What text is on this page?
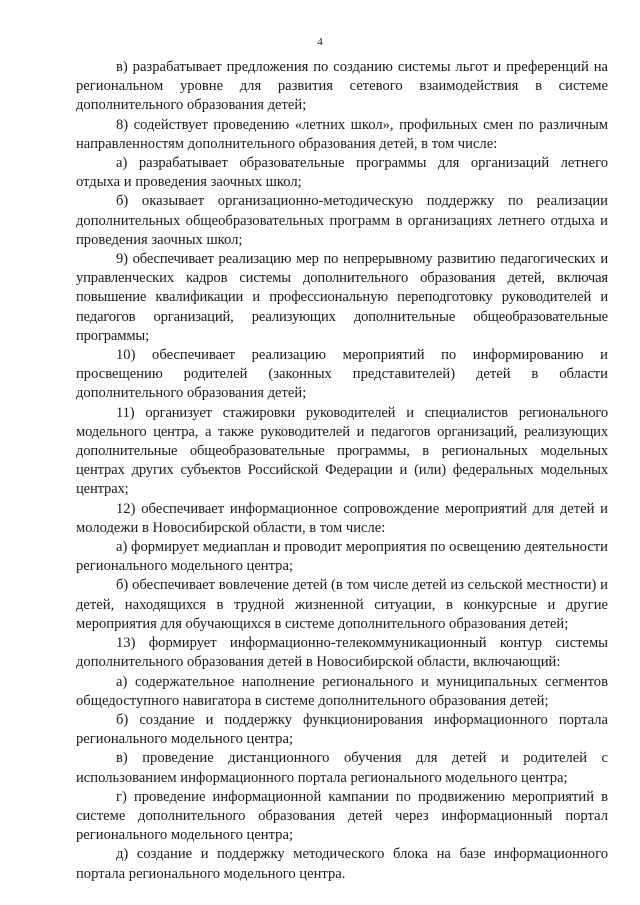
4

в) разрабатывает предложения по созданию системы льгот и преференций на региональном уровне для развития сетевого взаимодействия в системе дополнительного образования детей;

8) содействует проведению «летних школ», профильных смен по различным направленностям дополнительного образования детей, в том числе:

а) разрабатывает образовательные программы для организаций летнего отдыха и проведения заочных школ;

б) оказывает организационно-методическую поддержку по реализации дополнительных общеобразовательных программ в организациях летнего отдыха и проведения заочных школ;

9) обеспечивает реализацию мер по непрерывному развитию педагогических и управленческих кадров системы дополнительного образования детей, включая повышение квалификации и профессиональную переподготовку руководителей и педагогов организаций, реализующих дополнительные общеобразовательные программы;

10) обеспечивает реализацию мероприятий по информированию и просвещению родителей (законных представителей) детей в области дополнительного образования детей;

11) организует стажировки руководителей и специалистов регионального модельного центра, а также руководителей и педагогов организаций, реализующих дополнительные общеобразовательные программы, в региональных модельных центрах других субъектов Российской Федерации и (или) федеральных модельных центрах;

12) обеспечивает информационное сопровождение мероприятий для детей и молодежи в Новосибирской области, в том числе:

а) формирует медиаплан и проводит мероприятия по освещению деятельности регионального модельного центра;

б) обеспечивает вовлечение детей (в том числе детей из сельской местности) и детей, находящихся в трудной жизненной ситуации, в конкурсные и другие мероприятия для обучающихся в системе дополнительного образования детей;

13) формирует информационно-телекоммуникационный контур системы дополнительного образования детей в Новосибирской области, включающий:

а) содержательное наполнение регионального и муниципальных сегментов общедоступного навигатора в системе дополнительного образования детей;

б) создание и поддержку функционирования информационного портала регионального модельного центра;

в) проведение дистанционного обучения для детей и родителей с использованием информационного портала регионального модельного центра;

г) проведение информационной кампании по продвижению мероприятий в системе дополнительного образования детей через информационный портал регионального модельного центра;

д) создание и поддержку методического блока на базе информационного портала регионального модельного центра.
